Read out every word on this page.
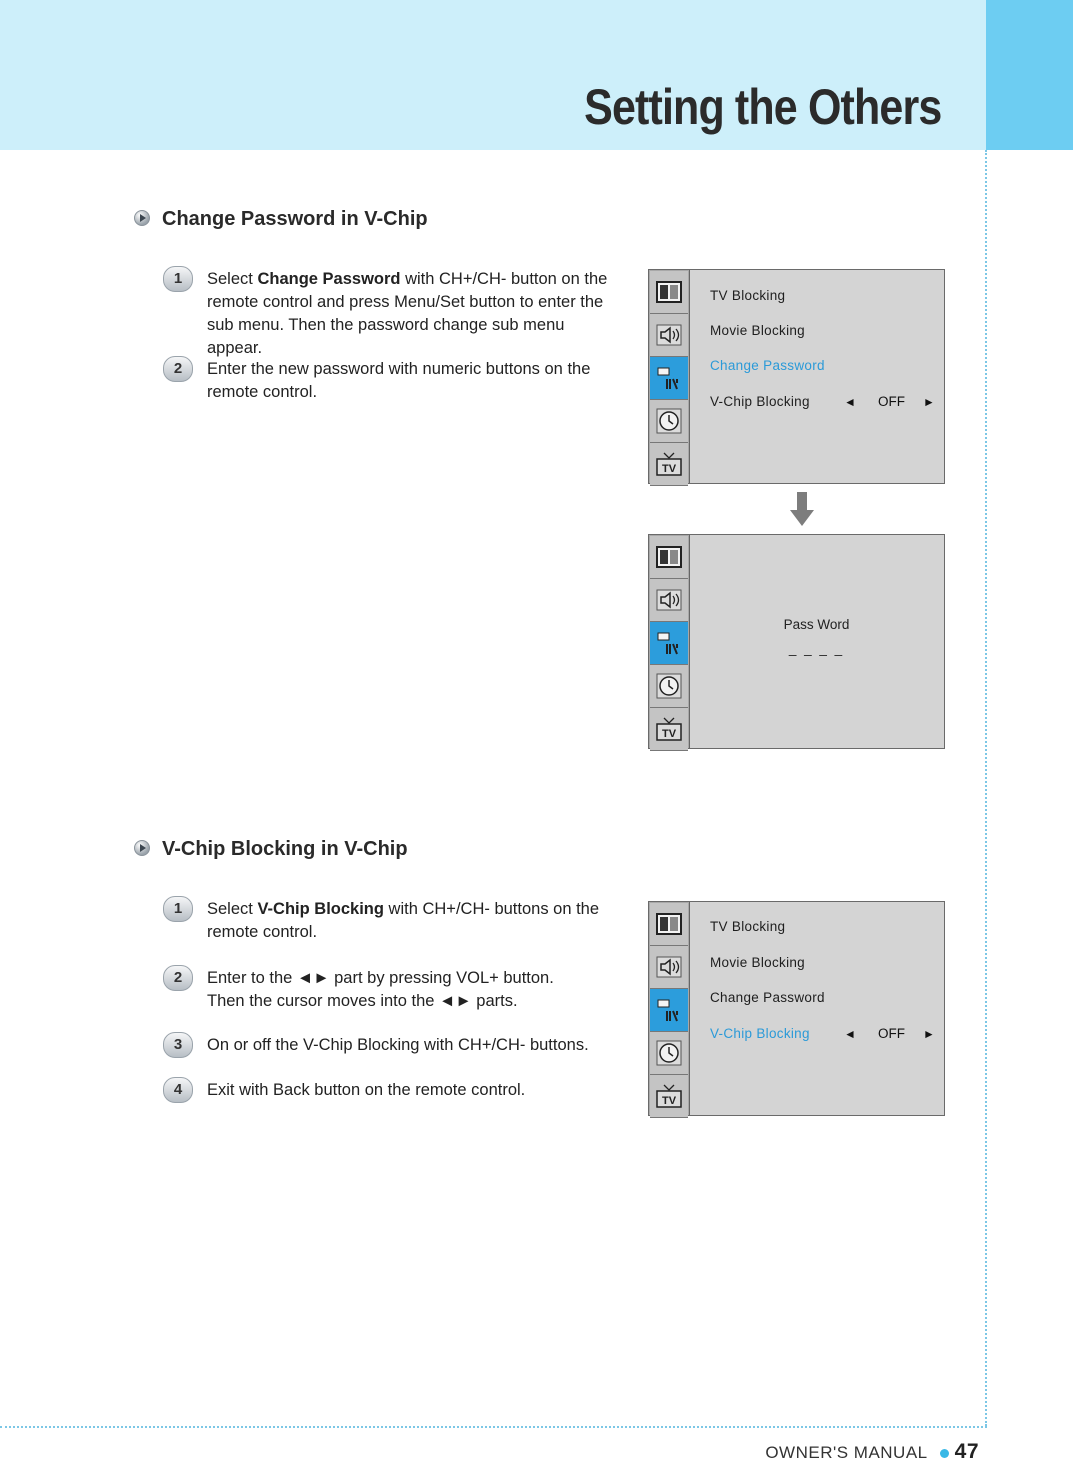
Setting the Others
Change Password in V-Chip
1	Select Change Password with CH+/CH- button on the remote control and press Menu/Set button to enter the sub menu. Then the password change sub menu appear.
2	Enter the new password with numeric buttons on the remote control.
TV
TV Blocking
Movie Blocking
Change Password
V-Chip Blocking	◄ OFF ►
TV
Pass Word
_ _ _ _
V-Chip Blocking in V-Chip
1	Select V-Chip Blocking with CH+/CH- buttons on the remote control.
2	Enter to the ◄► part by pressing VOL+ button.
Then the cursor moves into the ◄► parts.
3	On or off the V-Chip Blocking with CH+/CH- buttons.
4	Exit with Back button on the remote control.
TV
TV Blocking
Movie Blocking
Change Password
V-Chip Blocking	◄ OFF ►
OWNER'S MANUAL 47
